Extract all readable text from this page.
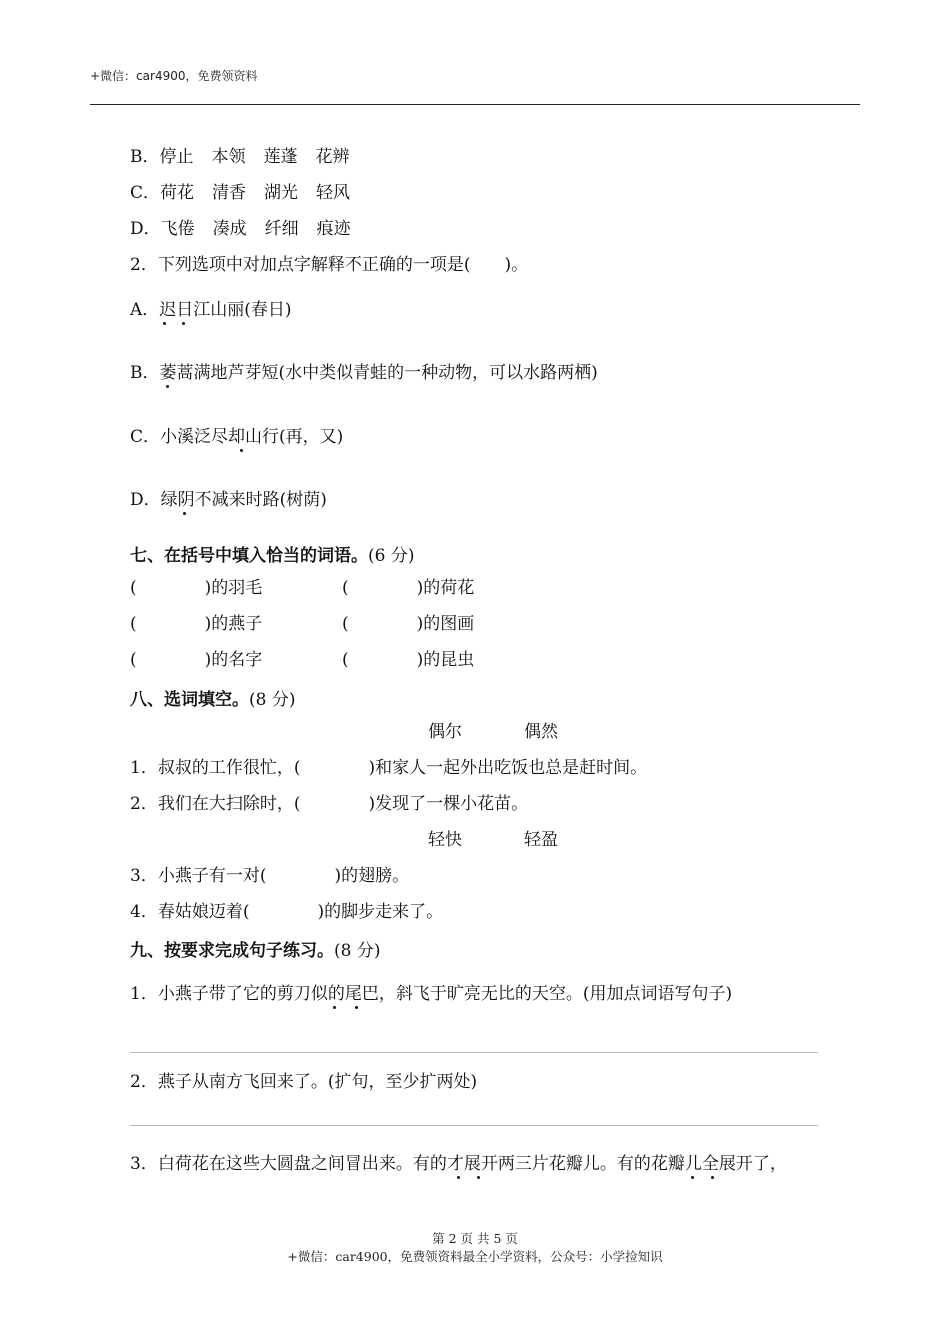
+微信：car4900，免费领资料
B．停止 本领 莲蓬 花辨
C．荷花 清香 湖光 轻风
D．飞倦 凑成 纤细 痕迹
2．下列选项中对加点字解释不正确的一项是(　　)。
A．迟日江山丽(春日)
B．萎蒿满地芦芽短(水中类似青蛙的一种动物，可以水路两栖)
C．小溪泛尽却山行(再，又)
D．绿阴不减来时路(树荫)
七、在括号中填入恰当的词语。(6 分)
(　　　　)的羽毛	(　　　　)的荷花
(　　　　)的燕子	(　　　　)的图画
(　　　　)的名字	(　　　　)的昆虫
八、选词填空。(8 分)
偶尔	偶然
1．叔叔的工作很忙，(　　　　)和家人一起外出吃饭也总是赶时间。
2．我们在大扫除时，(　　　　)发现了一棵小花苗。
轻快	轻盈
3．小燕子有一对(　　　　)的翅膀。
4．春姑娘迈着(　　　　)的脚步走来了。
九、按要求完成句子练习。(8 分)
1．小燕子带了它的剪刀似的尾巴，斜飞于旷亮无比的天空。(用加点词语写句子)
2．燕子从南方飞回来了。(扩句，至少扩两处)
3．白荷花在这些大圆盘之间冒出来。有的才展开两三片花瓣儿。有的花瓣儿全展开了，
第 2 页 共 5 页
+微信：car4900，免费领资料最全小学资料，公众号：小学捡知识
